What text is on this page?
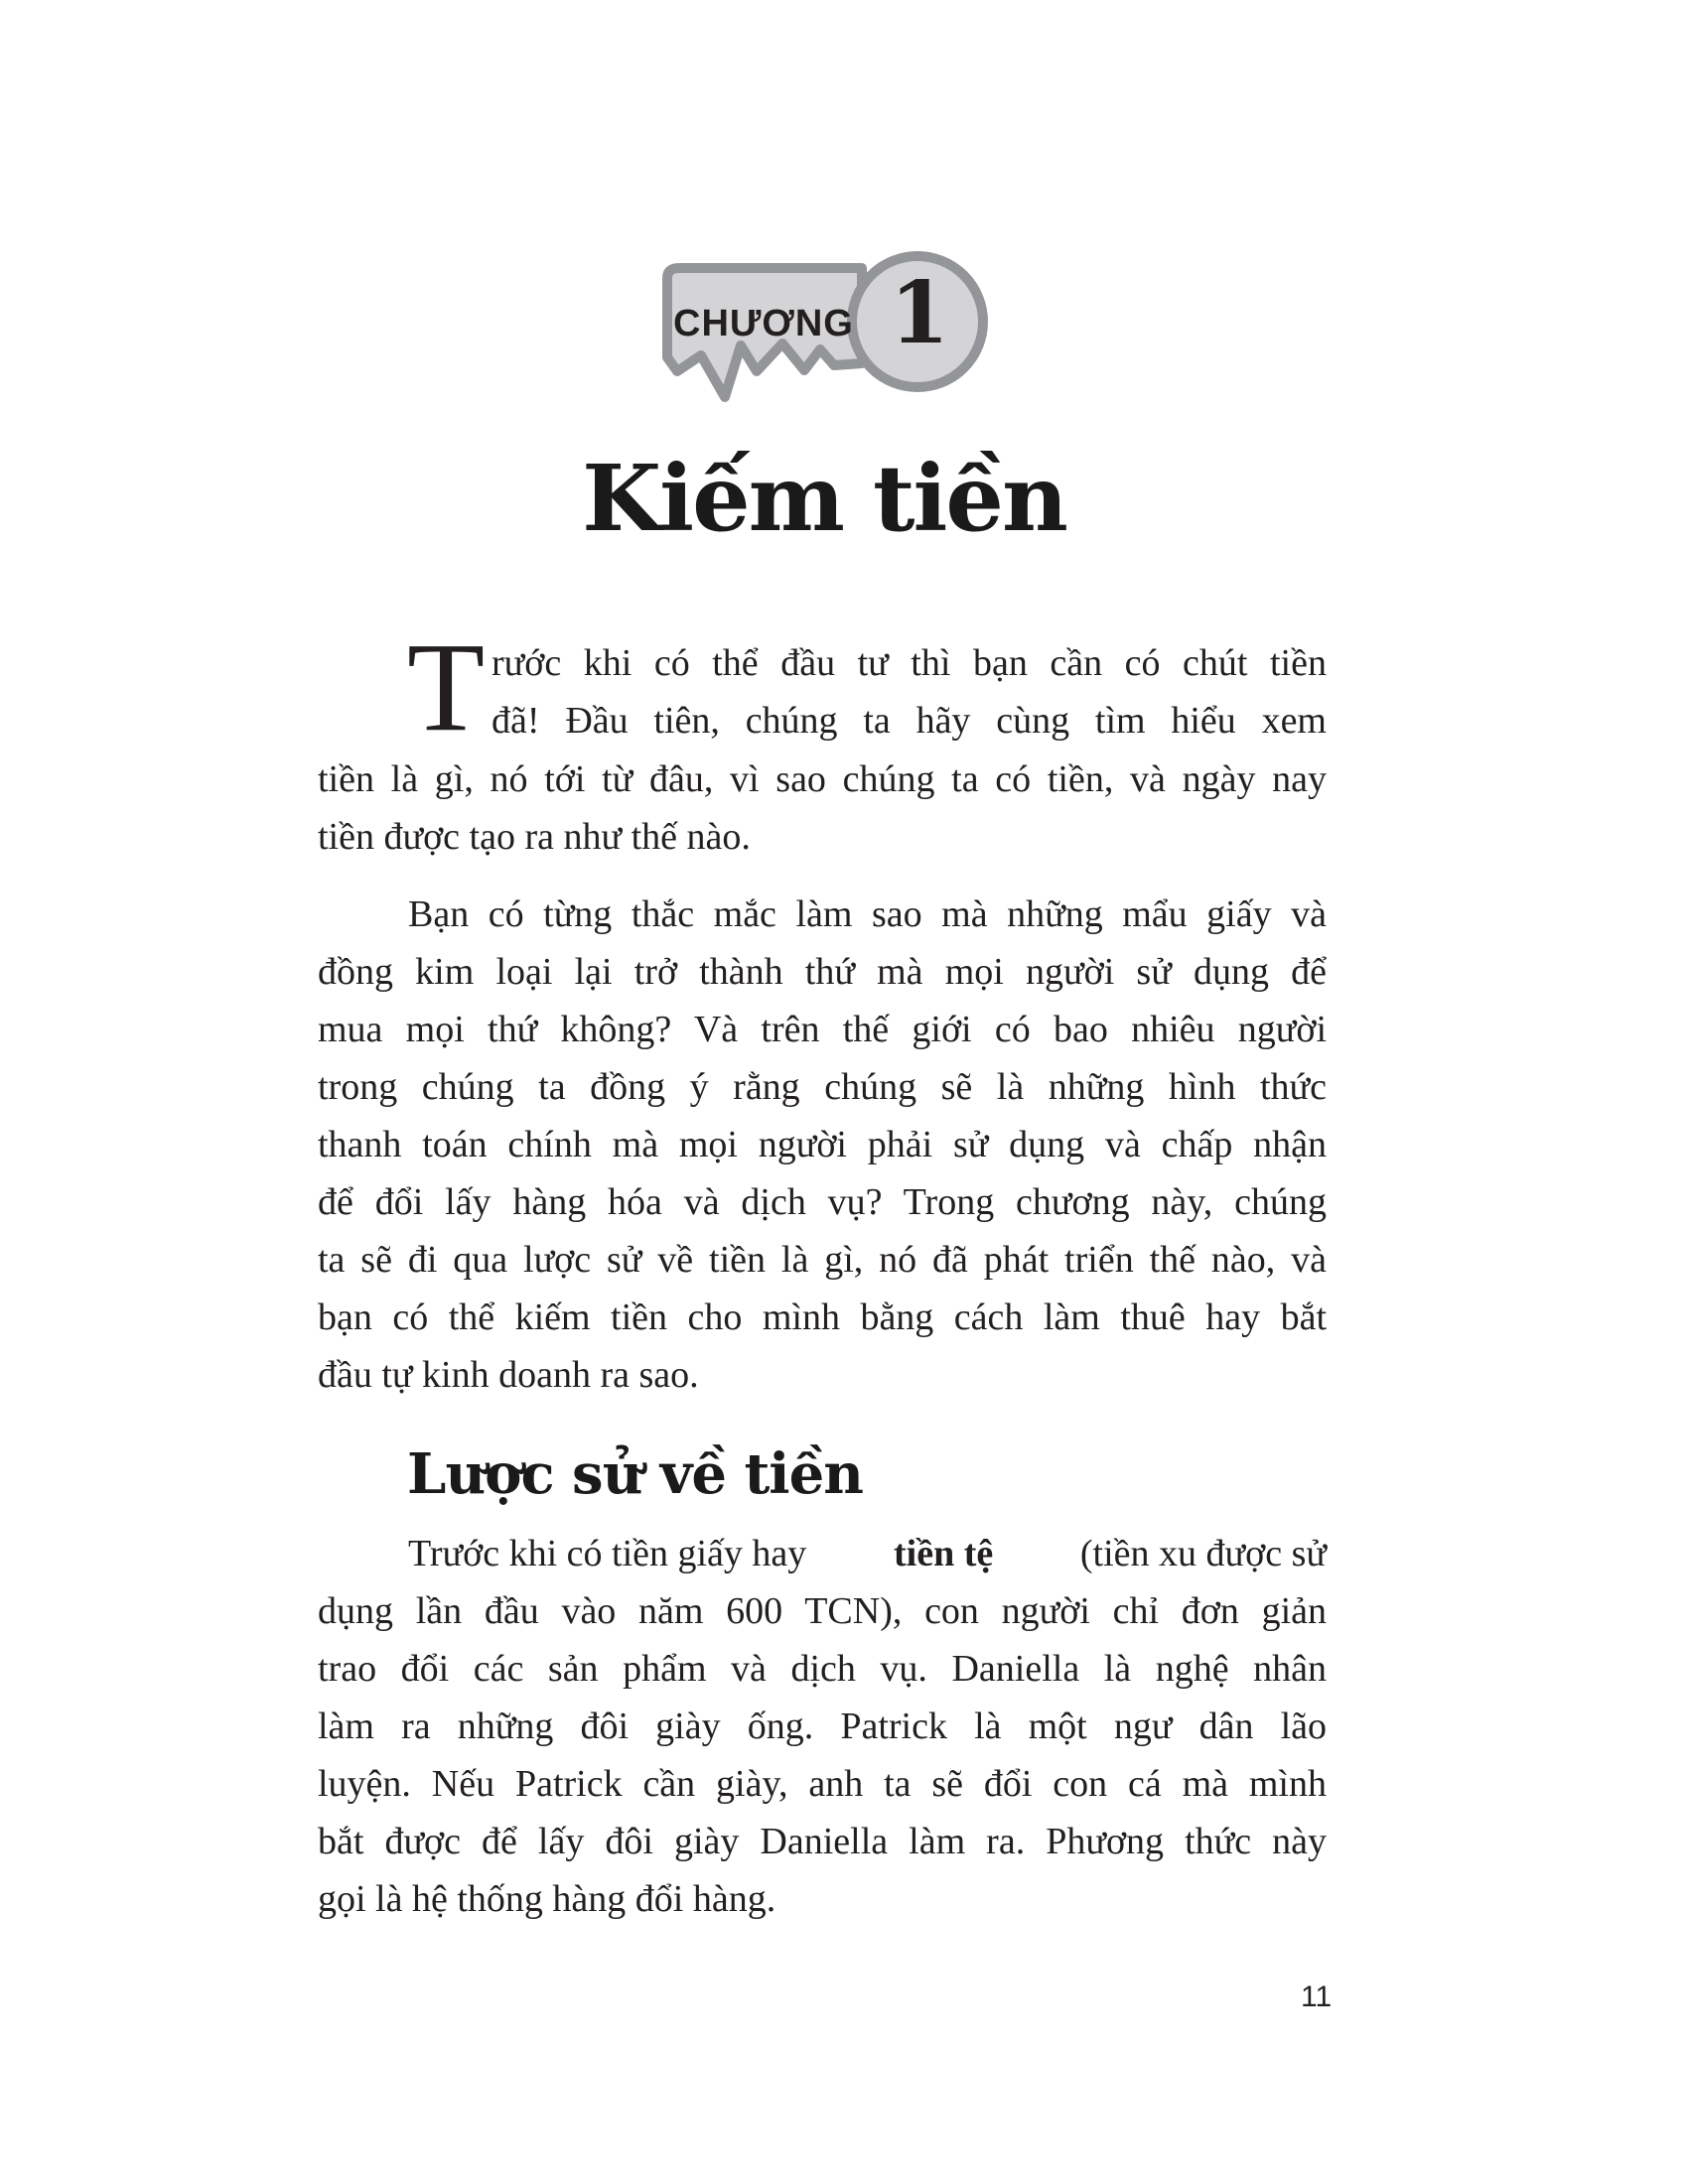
CHƯƠNG 1
Kiếm tiền
T rước khi có thể đầu tư thì bạn cần có chút tiền
đã! Đầu tiên, chúng ta hãy cùng tìm hiểu xem
tiền là gì, nó tới từ đâu, vì sao chúng ta có tiền, và ngày nay
tiền được tạo ra như thế nào.
Bạn có từng thắc mắc làm sao mà những mẩu giấy và
đồng kim loại lại trở thành thứ mà mọi người sử dụng để
mua mọi thứ không? Và trên thế giới có bao nhiêu người
trong chúng ta đồng ý rằng chúng sẽ là những hình thức
thanh toán chính mà mọi người phải sử dụng và chấp nhận
để đổi lấy hàng hóa và dịch vụ? Trong chương này, chúng
ta sẽ đi qua lược sử về tiền là gì, nó đã phát triển thế nào, và
bạn có thể kiếm tiền cho mình bằng cách làm thuê hay bắt
đầu tự kinh doanh ra sao.
Lược sử về tiền
Trước khi có tiền giấy hay tiền tệ (tiền xu được sử
dụng lần đầu vào năm 600 TCN), con người chỉ đơn giản
trao đổi các sản phẩm và dịch vụ. Daniella là nghệ nhân
làm ra những đôi giày ống. Patrick là một ngư dân lão
luyện. Nếu Patrick cần giày, anh ta sẽ đổi con cá mà mình
bắt được để lấy đôi giày Daniella làm ra. Phương thức này
gọi là hệ thống hàng đổi hàng.
11
